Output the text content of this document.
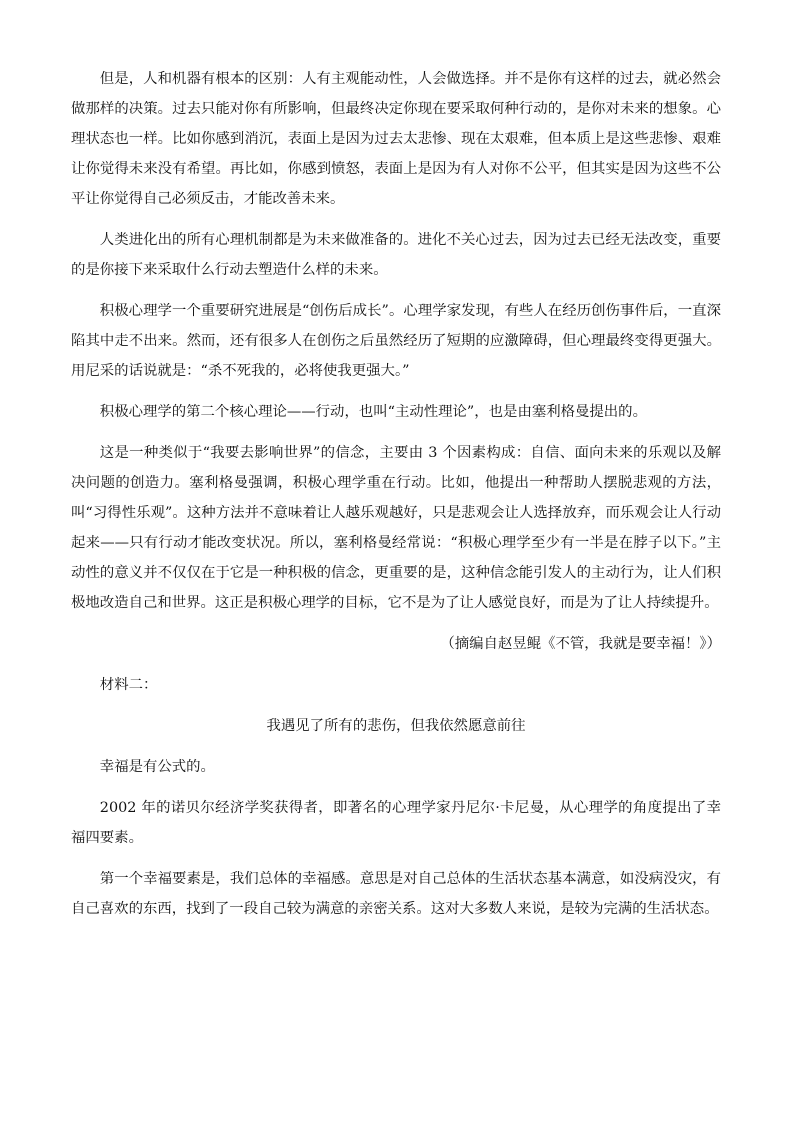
但是，人和机器有根本的区别：人有主观能动性，人会做选择。并不是你有这样的过去，就必然会做那样的决策。过去只能对你有所影响，但最终决定你现在要采取何种行动的，是你对未来的想象。心理状态也一样。比如你感到消沉，表面上是因为过去太悲惨、现在太艰难，但本质上是这些悲惨、艰难让你觉得未来没有希望。再比如，你感到愤怒，表面上是因为有人对你不公平，但其实是因为这些不公平让你觉得自己必须反击，才能改善未来。

人类进化出的所有心理机制都是为未来做准备的。进化不关心过去，因为过去已经无法改变，重要的是你接下来采取什么行动去塑造什么样的未来。

积极心理学一个重要研究进展是“创伤后成长”。心理学家发现，有些人在经历创伤事件后，一直深陷其中走不出来。然而，还有很多人在创伤之后虽然经历了短期的应激障碍，但心理最终变得更强大。用尼采的话说就是：“杀不死我的，必将使我更强大。”

积极心理学的第二个核心理论——行动，也叫“主动性理论”，也是由塞利格曼提出的。

这是一种类似于“我要去影响世界”的信念，主要由 3 个因素构成：自信、面向未来的乐观以及解决问题的创造力。塞利格曼强调，积极心理学重在行动。比如，他提出一种帮助人摆脱悲观的方法，叫“习得性乐观”。这种方法并不意味着让人越乐观越好，只是悲观会让人选择放弃，而乐观会让人行动起来——只有行动才能改变状况。所以，塞利格曼经常说：“积极心理学至少有一半是在脖子以下。”主动性的意义并不仅仅在于它是一种积极的信念，更重要的是，这种信念能引发人的主动行为，让人们积极地改造自己和世界。这正是积极心理学的目标，它不是为了让人感觉良好，而是为了让人持续提升。

（摘编自赵昱鲲《不管，我就是要幸福！》）

材料二：

我遇见了所有的悲伤，但我依然愿意前往

幸福是有公式的。

2002 年的诺贝尔经济学奖获得者，即著名的心理学家丹尼尔·卡尼曼，从心理学的角度提出了幸福四要素。

第一个幸福要素是，我们总体的幸福感。意思是对自己总体的生活状态基本满意，如没病没灾，有自己喜欢的东西，找到了一段自己较为满意的亲密关系。这对大多数人来说，是较为完满的生活状态。
